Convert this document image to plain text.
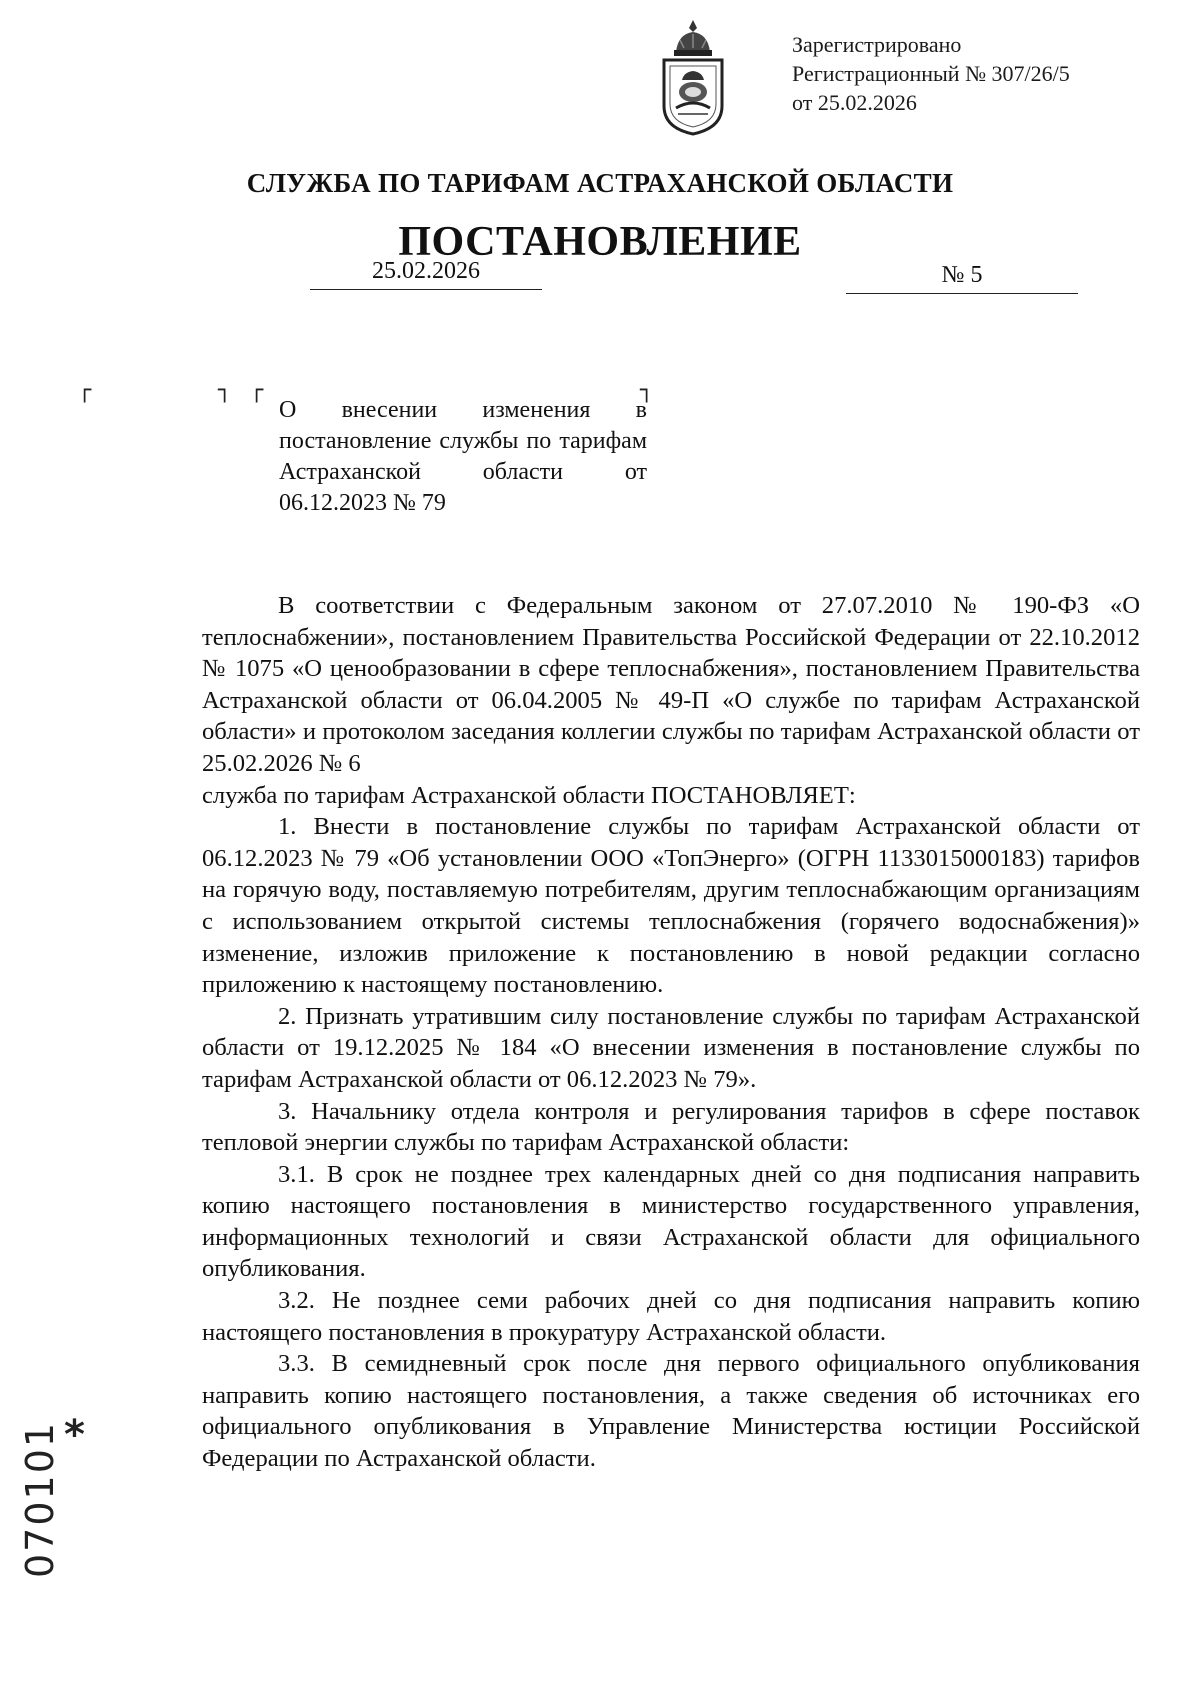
Зарегистрировано
Регистрационный № 307/26/5
от 25.02.2026
СЛУЖБА ПО ТАРИФАМ АСТРАХАНСКОЙ ОБЛАСТИ
ПОСТАНОВЛЕНИЕ
25.02.2026	№ 5
┌	┐ ┌	┐
О внесении изменения в постановление службы по тарифам Астраханской области от 06.12.2023 № 79

В соответствии с Федеральным законом от 27.07.2010 № 190-ФЗ «О теплоснабжении», постановлением Правительства Российской Федерации от 22.10.2012 № 1075 «О ценообразовании в сфере теплоснабжения», постановлением Правительства Астраханской области от 06.04.2005 № 49-П «О службе по тарифам Астраханской области» и протоколом заседания коллегии службы по тарифам Астраханской области от 25.02.2026 № 6

служба по тарифам Астраханской области ПОСТАНОВЛЯЕТ:

1. Внести в постановление службы по тарифам Астраханской области от 06.12.2023 № 79 «Об установлении ООО «ТопЭнерго» (ОГРН 1133015000183) тарифов на горячую воду, поставляемую потребителям, другим теплоснабжающим организациям с использованием открытой системы теплоснабжения (горячего водоснабжения)» изменение, изложив приложение к постановлению в новой редакции согласно приложению к настоящему постановлению.

2. Признать утратившим силу постановление службы по тарифам Астраханской области от 19.12.2025 № 184 «О внесении изменения в постановление службы по тарифам Астраханской области от 06.12.2023 № 79».

3. Начальнику отдела контроля и регулирования тарифов в сфере поставок тепловой энергии службы по тарифам Астраханской области:

3.1. В срок не позднее трех календарных дней со дня подписания направить копию настоящего постановления в министерство государственного управления, информационных технологий и связи Астраханской области для официального опубликования.

3.2. Не позднее семи рабочих дней со дня подписания направить копию настоящего постановления в прокуратуру Астраханской области.

3.3. В семидневный срок после дня первого официального опубликования направить копию настоящего постановления, а также сведения об источниках его официального опубликования в Управление Министерства юстиции Российской Федерации по Астраханской области.

*
070101
